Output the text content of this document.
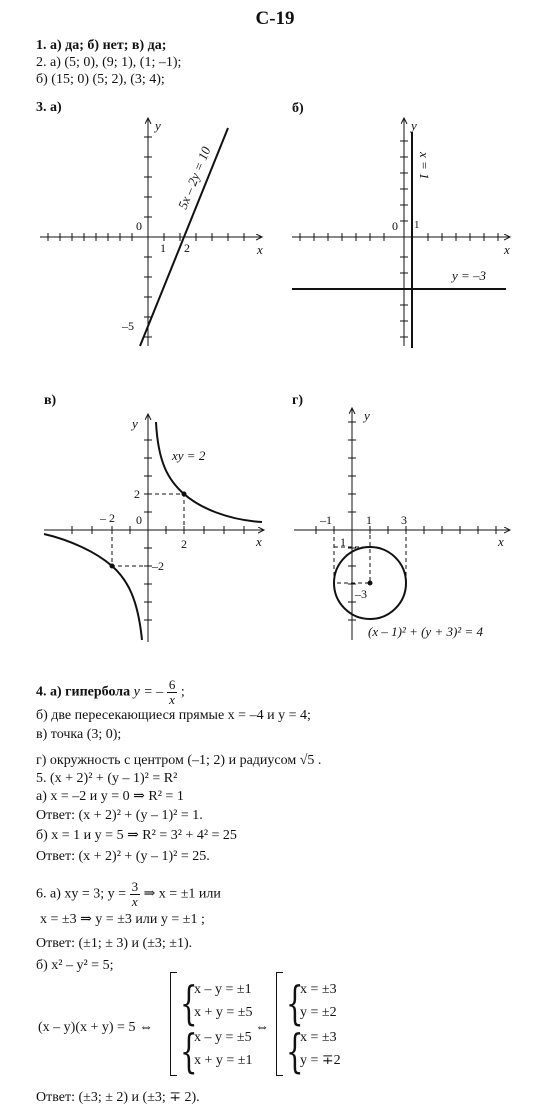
С-19
1. а) да; б) нет; в) да;
2. а) (5; 0), (9; 1), (1; –1);
б) (15; 0) (5; 2), (3; 4);
3. а)
y
x
0
1 2
–5
5x – 2y = 10
б)
y
x
0 1
x = 1
y = –3
в)
y
x
0
2
– 2
2
–2
xy = 2
г)
y
x
–1	1 3
1
–3
(x – 1)² + (y + 3)² = 4
4. а) гипербола y = – $\frac{6}{x}$ ;
б) две пересекающиеся прямые x = –4 и y = 4;
в) точка (3; 0);
г) окружность с центром (–1; 2) и радиусом √5 .
5. (x + 2)² + (y – 1)² = R²
а) x = –2 и y = 0 ⇒ R² = 1
Ответ: (x + 2)² + (y – 1)² = 1.
б) x = 1 и y = 5 ⇒ R² = 3² + 4² = 25
Ответ: (x + 2)² + (y – 1)² = 25.
6. а) xy = 3; $y = \frac{3}{x}$ ⇒ x = ±1 или
x = ±3 ⇒ y = ±3 или y = ±1 ;
Ответ: (±1; ± 3) и (±3; ±1).
б) x² – y² = 5;
(x – y)(x + y) = 5 ⇔ {
x – y = ±1
x + y = ±5
{
x – y = ±5
x + y = ±1
⇔ {
x = ±3
y = ±2
{
x = ±3
y = ∓2
Ответ: (±3; ± 2) и (±3; ∓ 2).
